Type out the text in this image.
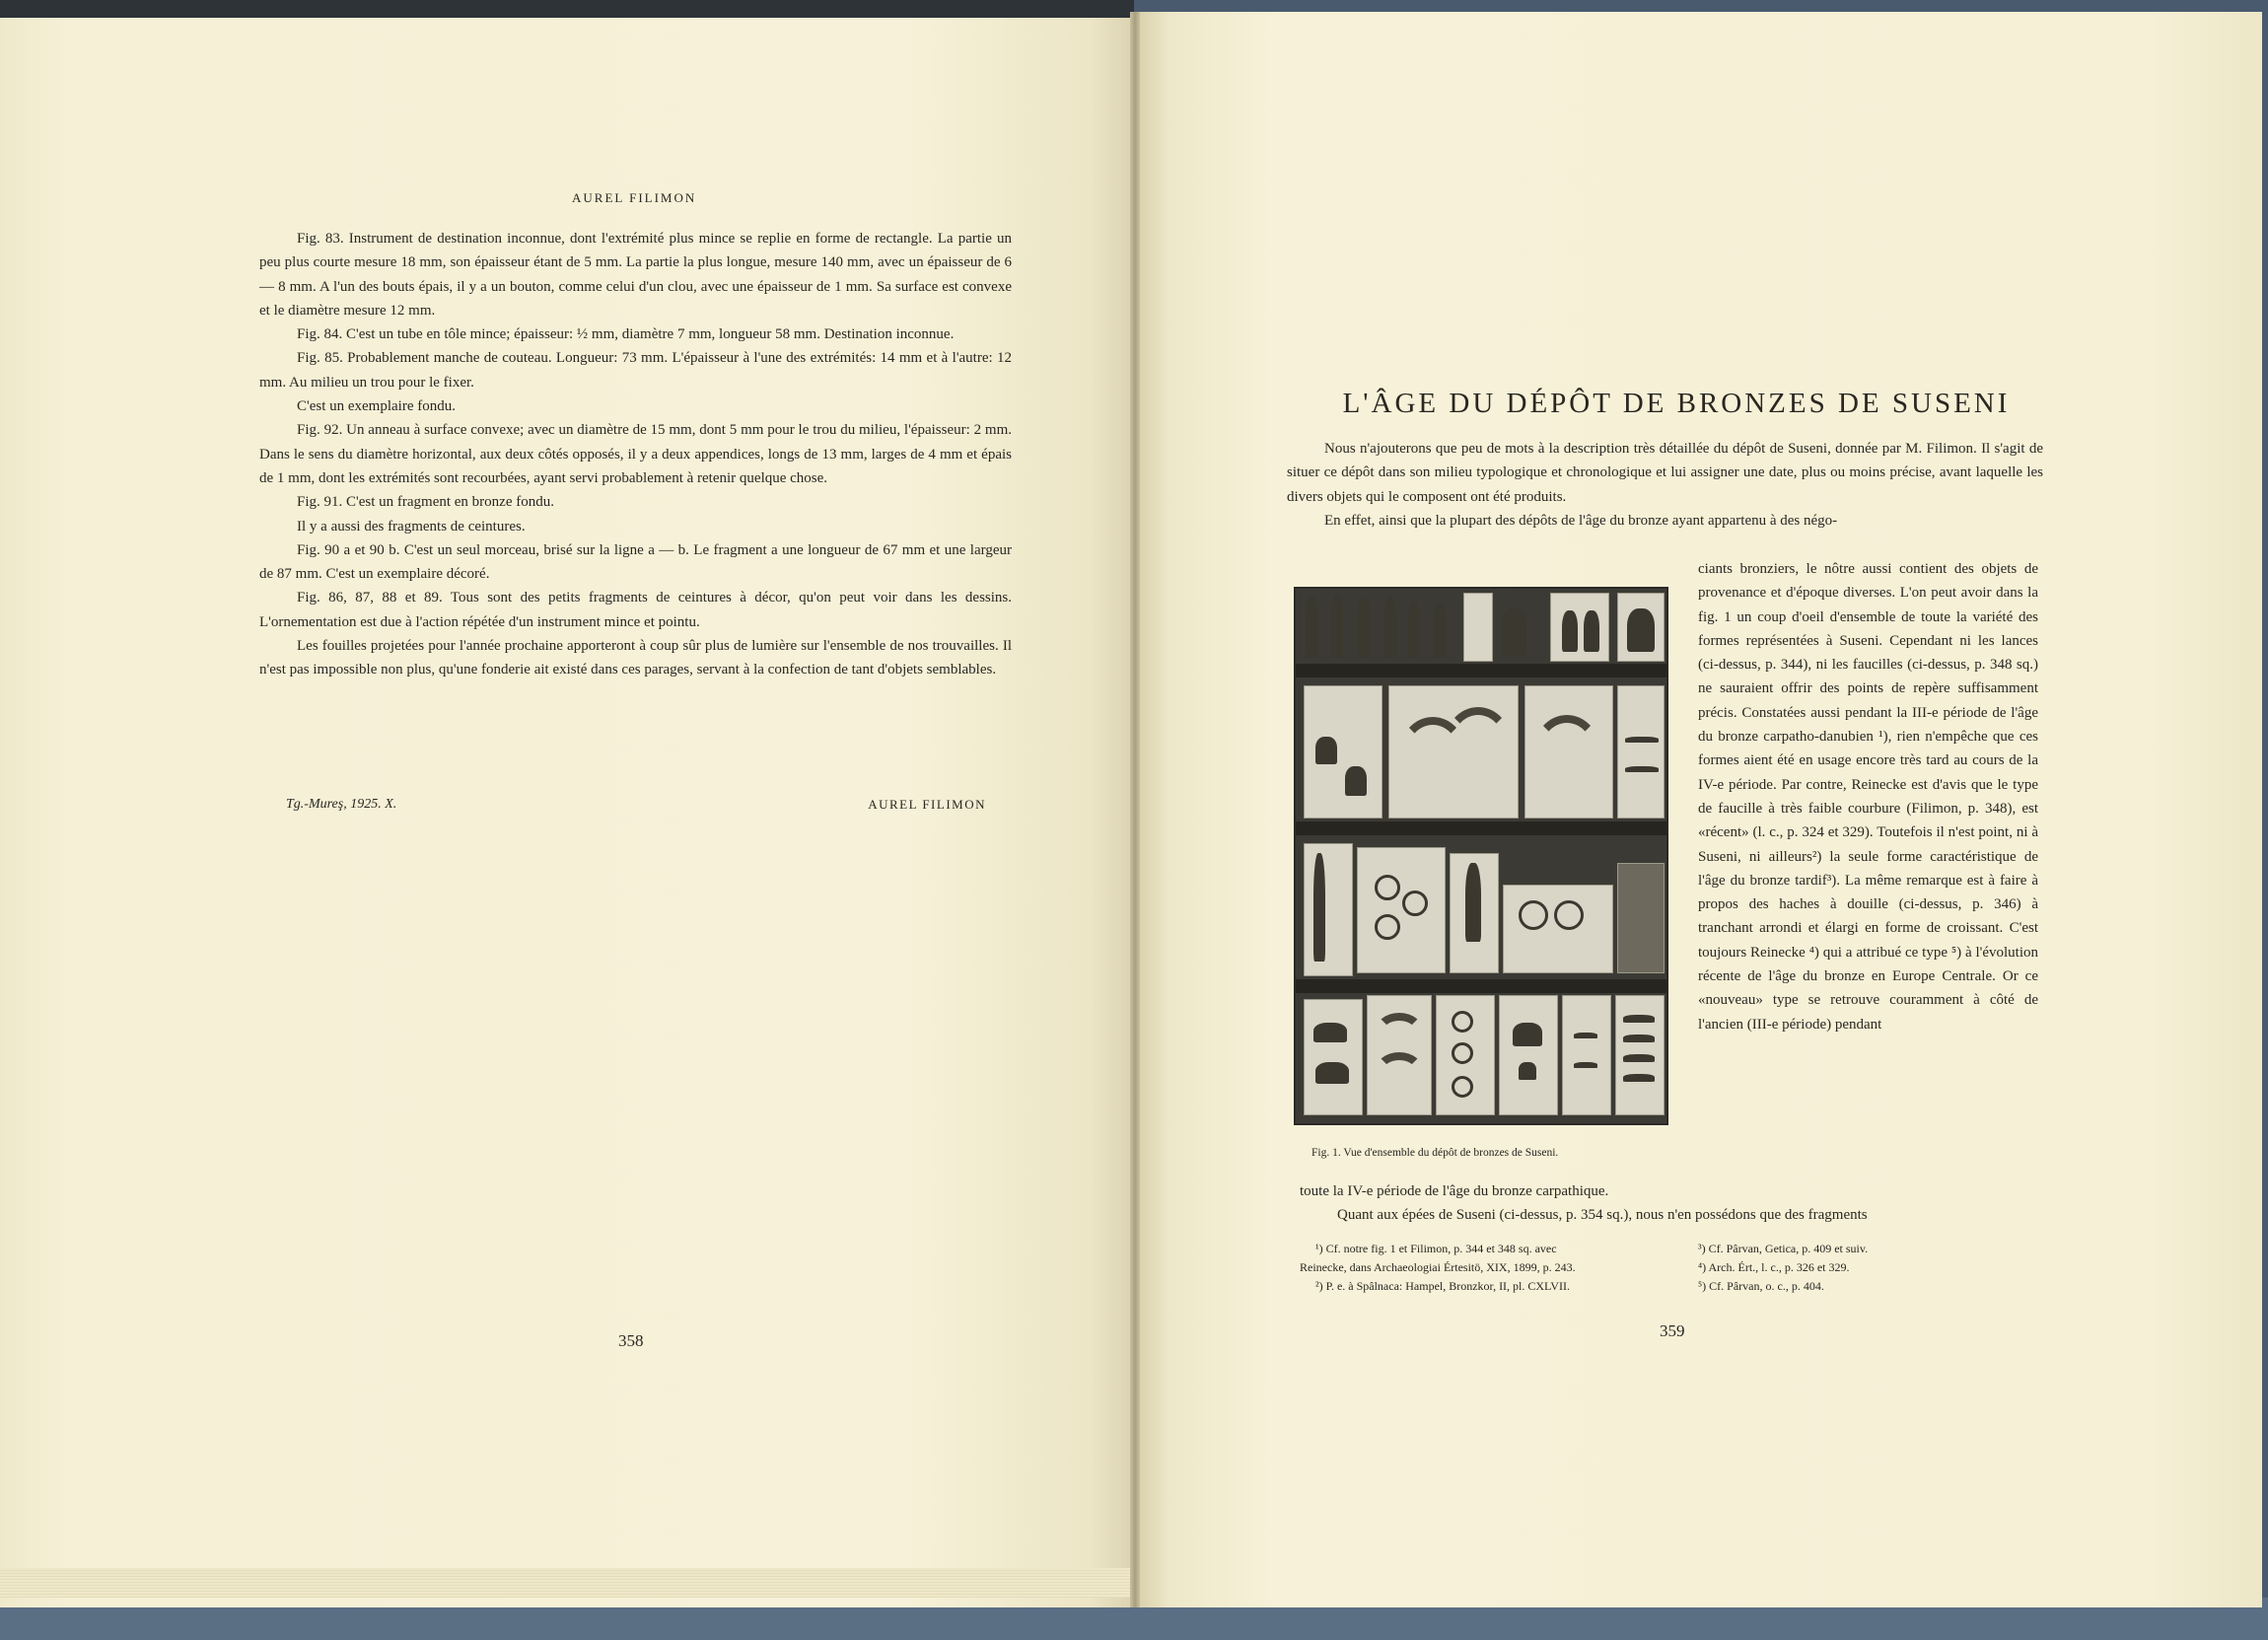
AUREL FILIMON

Fig. 83. Instrument de destination inconnue, dont l'extrémité plus mince se replie en forme de rectangle. La partie un peu plus courte mesure 18 mm, son épaisseur étant de 5 mm. La partie la plus longue, mesure 140 mm, avec un épaisseur de 6 — 8 mm. A l'un des bouts épais, il y a un bouton, comme celui d'un clou, avec une épaisseur de 1 mm. Sa surface est convexe et le diamètre mesure 12 mm.

Fig. 84. C'est un tube en tôle mince; épaisseur: ½ mm, diamètre 7 mm, longueur 58 mm. Destination inconnue.

Fig. 85. Probablement manche de couteau. Longueur: 73 mm. L'épaisseur à l'une des extrémités: 14 mm et à l'autre: 12 mm. Au milieu un trou pour le fixer.

C'est un exemplaire fondu.

Fig. 92. Un anneau à surface convexe; avec un diamètre de 15 mm, dont 5 mm pour le trou du milieu, l'épaisseur: 2 mm. Dans le sens du diamètre horizontal, aux deux côtés opposés, il y a deux appendices, longs de 13 mm, larges de 4 mm et épais de 1 mm, dont les extrémités sont recourbées, ayant servi probablement à retenir quelque chose.

Fig. 91. C'est un fragment en bronze fondu.

Il y a aussi des fragments de ceintures.

Fig. 90 a et 90 b. C'est un seul morceau, brisé sur la ligne a — b. Le fragment a une longueur de 67 mm et une largeur de 87 mm. C'est un exemplaire décoré.

Fig. 86, 87, 88 et 89. Tous sont des petits fragments de ceintures à décor, qu'on peut voir dans les dessins. L'ornementation est due à l'action répétée d'un instrument mince et pointu.

Les fouilles projetées pour l'année prochaine apporteront à coup sûr plus de lumière sur l'ensemble de nos trouvailles. Il n'est pas impossible non plus, qu'une fonderie ait existé dans ces parages, servant à la confection de tant d'objets semblables.

Tg.-Mureş, 1925. X.	AUREL FILIMON
358
L'ÂGE DU DÉPÔT DE BRONZES DE SUSENI

Nous n'ajouterons que peu de mots à la description très détaillée du dépôt de Suseni, donnée par M. Filimon. Il s'agit de situer ce dépôt dans son milieu typologique et chronologique et lui assigner une date, plus ou moins précise, avant laquelle les divers objets qui le composent ont été produits.

En effet, ainsi que la plupart des dépôts de l'âge du bronze ayant appartenu à des négo-

Fig. 1. Vue d'ensemble du dépôt de bronzes de Suseni.
ciants bronziers, le nôtre aussi contient des objets de provenance et d'époque diverses. L'on peut avoir dans la fig. 1 un coup d'oeil d'ensemble de toute la variété des formes représentées à Suseni. Cependant ni les lances (ci-dessus, p. 344), ni les faucilles (ci-dessus, p. 348 sq.) ne sauraient offrir des points de repère suffisamment précis. Constatées aussi pendant la III-e période de l'âge du bronze carpatho-danubien ¹), rien n'empêche que ces formes aient été en usage encore très tard au cours de la IV-e période. Par contre, Reinecke est d'avis que le type de faucille à très faible courbure (Filimon, p. 348), est «récent» (l. c., p. 324 et 329). Toutefois il n'est point, ni à Suseni, ni ailleurs²) la seule forme caractéristique de l'âge du bronze tardif³). La même remarque est à faire à propos des haches à douille (ci-dessus, p. 346) à tranchant arrondi et élargi en forme de croissant. C'est toujours Reinecke ⁴) qui a attribué ce type ⁵) à l'évolution récente de l'âge du bronze en Europe Centrale. Or ce «nouveau» type se retrouve couramment à côté de l'ancien (III-e période) pendant
toute la IV-e période de l'âge du bronze carpathique.

Quant aux épées de Suseni (ci-dessus, p. 354 sq.), nous n'en possédons que des fragments

¹) Cf. notre fig. 1 et Filimon, p. 344 et 348 sq. avec
Reinecke, dans Archaeologiai Értesitö, XIX, 1899, p. 243.
²) P. e. à Spâlnaca: Hampel, Bronzkor, II, pl. CXLVII.
³) Cf. Pârvan, Getica, p. 409 et suiv.
⁴) Arch. Ért., l. c., p. 326 et 329.
⁵) Cf. Pârvan, o. c., p. 404.
359
